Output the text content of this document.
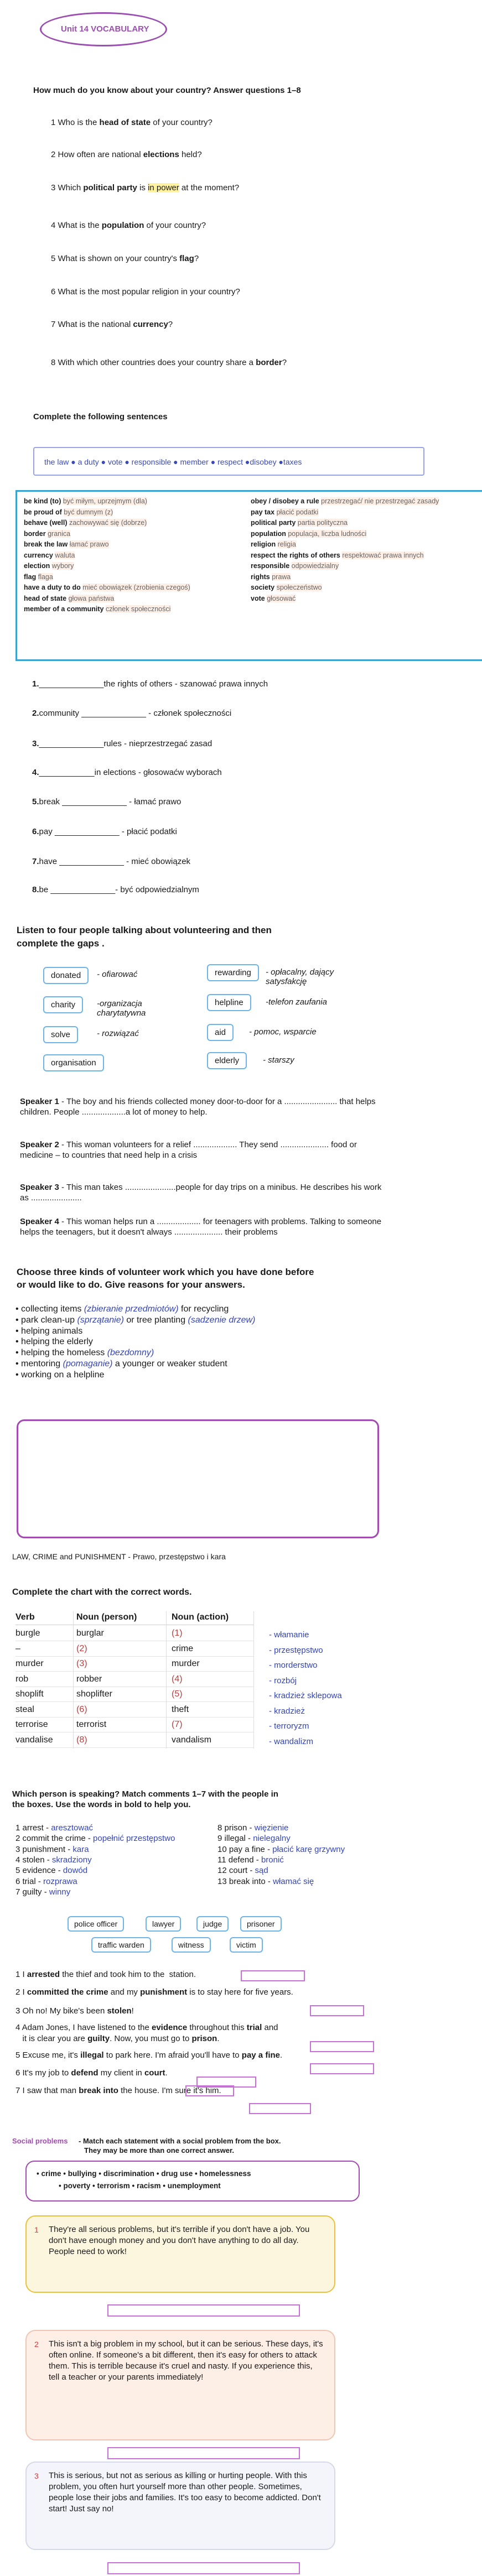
Unit 14 VOCABULARY
How much do you know about your country? Answer questions 1–8
1 Who is the head of state of your country?
2 How often are national elections held?
3 Which political party is in power at the moment?
4 What is the population of your country?
5 What is shown on your country's flag?
6 What is the most popular religion in your country?
7 What is the national currency?
8 With which other countries does your country share a border?
Complete the following sentences
the law ● a duty ● vote ● responsible ● member ● respect ●disobey ●taxes
be kind (to) być miłym, uprzejmym (dla)
be proud of być dumnym (z)
behave (well) zachowywać się (dobrze)
border granica
break the law łamać prawo
currency waluta
election wybory
flag flaga
have a duty to do mieć obowiązek (zrobienia czegoś)
head of state głowa państwa
member of a community członek społeczności
obey / disobey a rule przestrzegać/ nie przestrzegać zasady
pay tax płacić podatki
political party partia polityczna
population populacja, liczba ludności
religion religia
respect the rights of others respektować prawa innych
responsible odpowiedzialny
rights prawa
society społeczeństwo
vote głosować
1.______________the rights of others - szanować prawa innych
2.community ______________ - członek społeczności
3.______________rules - nieprzestrzegać zasad
4.____________in elections - głosowaćw wyborach
5.break ______________ - łamać prawo
6.pay ______________ - płacić podatki
7.have ______________ - mieć obowiązek
8.be ______________- być odpowiedzialnym
Listen to four people talking about volunteering and then
complete the gaps .
donated	- ofiarować
charity	-organizacja charytatywna
solve	- rozwiązać
organisation
rewarding	- opłacalny, dający satysfakcję
helpline	-telefon zaufania
aid	- pomoc, wsparcie
elderly	- starszy
Speaker 1 - The boy and his friends collected money door-to-door for a ....................... that helps children. People ...................a lot of money to help.
Speaker 2 - This woman volunteers for a relief ................... They send ..................... food or medicine – to countries that need help in a crisis
Speaker 3 - This man takes ......................people for day trips on a minibus. He describes his work as ......................
Speaker 4 - This woman helps run a ................... for teenagers with problems. Talking to someone helps the teenagers, but it doesn't always ..................... their problems
Choose three kinds of volunteer work which you have done before
or would like to do. Give reasons for your answers.
• collecting items (zbieranie przedmiotów) for recycling
• park clean-up (sprzątanie) or tree planting (sadzenie drzew)
• helping animals
• helping the elderly
• helping the homeless (bezdomny)
• mentoring (pomaganie) a younger or weaker student
• working on a helpline
LAW, CRIME and PUNISHMENT - Prawo, przestępstwo i kara
Complete the chart with the correct words.
Verb	Noun (person)	Noun (action)
burgle	burglar	(1)	- włamanie
–	(2)	crime	- przestępstwo
murder	(3)	murder	- morderstwo
rob	robber	(4)	- rozbój
shoplift	shoplifter	(5)	- kradzież sklepowa
steal	(6)	theft	- kradzież
terrorise	terrorist	(7)	- terroryzm
vandalise	(8)	vandalism	- wandalizm
Which person is speaking? Match comments 1–7 with the people in
the boxes. Use the words in bold to help you.
1 arrest - aresztować
2 commit the crime - popełnić przestępstwo
3 punishment - kara
4 stolen - skradziony
5 evidence - dowód
6 trial - rozprawa
7 guilty - winny
8 prison - więzienie
9 illegal - nielegalny
10 pay a fine - płacić karę grzywny
11 defend - bronić
12 court - sąd
13 break into - włamać się
police officer	lawyer	judge	prisoner
traffic warden	witness	victim
1 I arrested the thief and took him to the  station.
2 I committed the crime and my punishment is to stay here for five years.
3 Oh no! My bike's been stolen!
4 Adam Jones, I have listened to the evidence throughout this trial and
it is clear you are guilty. Now, you must go to prison.
5 Excuse me, it's illegal to park here. I'm afraid you'll have to pay a fine.
6 It's my job to defend my client in court.
7 I saw that man break into the house. I'm sure it's him.
Social problems - Match each statement with a social problem from the box.
They may be more than one correct answer.
• crime • bullying • discrimination • drug use • homelessness
• poverty • terrorism • racism • unemployment
1 They're all serious problems, but it's terrible if you don't have a job. You don't have enough money and you don't have anything to do all day. People need to work!
2 This isn't a big problem in my school, but it can be serious. These days, it's often online. If someone's a bit different, then it's easy for others to attack them. This is terrible because it's cruel and nasty. If you experience this, tell a teacher or your parents immediately!
3 This is serious, but not as serious as killing or hurting people. With this problem, you often hurt yourself more than other people. Sometimes, people lose their jobs and families. It's too easy to become addicted. Don't start! Just say no!
